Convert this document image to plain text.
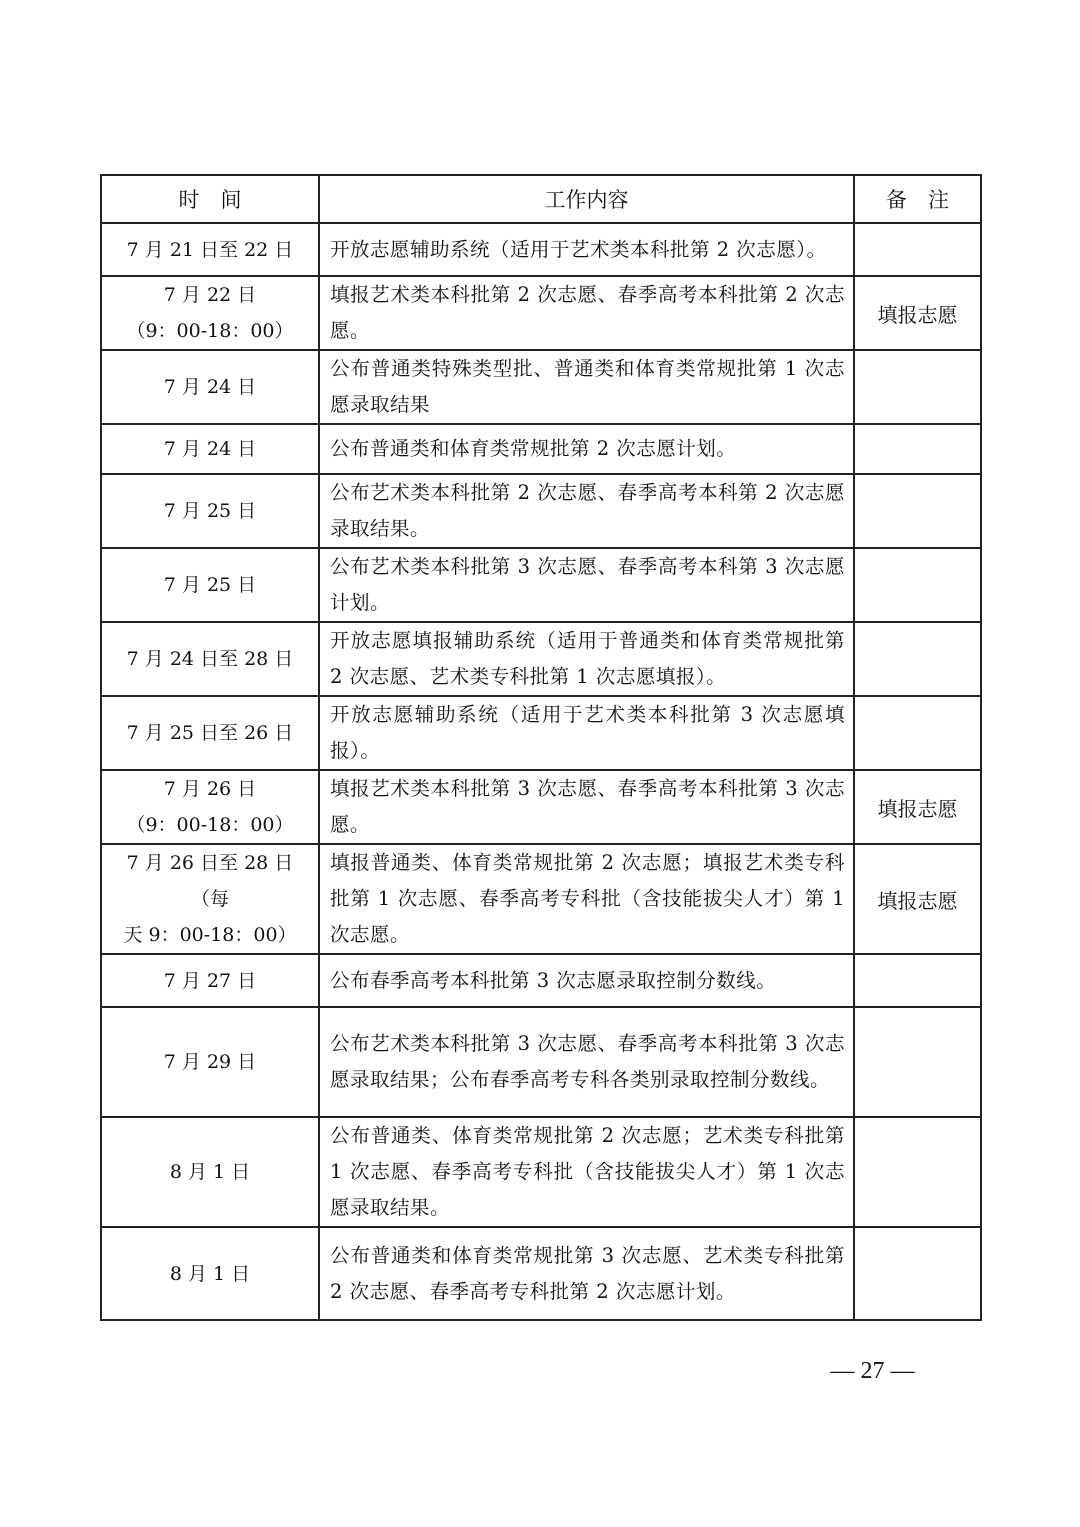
时　间	工作内容	备　注

7 月 21 日至 22 日	开放志愿辅助系统（适用于艺术类本科批第 2 次志愿）。	

7 月 22 日
（9：00-18：00）	填报艺术类本科批第 2 次志愿、春季高考本科批第 2 次志愿。	填报志愿

7 月 24 日	公布普通类特殊类型批、普通类和体育类常规批第 1 次志愿录取结果	

7 月 24 日	公布普通类和体育类常规批第 2 次志愿计划。	

7 月 25 日	公布艺术类本科批第 2 次志愿、春季高考本科第 2 次志愿录取结果。	

7 月 25 日	公布艺术类本科批第 3 次志愿、春季高考本科第 3 次志愿计划。	

7 月 24 日至 28 日	开放志愿填报辅助系统（适用于普通类和体育类常规批第 2 次志愿、艺术类专科批第 1 次志愿填报）。	

7 月 25 日至 26 日	开放志愿辅助系统（适用于艺术类本科批第 3 次志愿填报）。	

7 月 26 日
（9：00-18：00）	填报艺术类本科批第 3 次志愿、春季高考本科批第 3 次志愿。	填报志愿

7 月 26 日至 28 日（每
天 9：00-18：00）	填报普通类、体育类常规批第 2 次志愿；填报艺术类专科批第 1 次志愿、春季高考专科批（含技能拔尖人才）第 1 次志愿。	填报志愿

7 月 27 日	公布春季高考本科批第 3 次志愿录取控制分数线。	

7 月 29 日	公布艺术类本科批第 3 次志愿、春季高考本科批第 3 次志愿录取结果；公布春季高考专科各类别录取控制分数线。	

8 月 1 日	公布普通类、体育类常规批第 2 次志愿；艺术类专科批第 1 次志愿、春季高考专科批（含技能拔尖人才）第 1 次志愿录取结果。	

8 月 1 日	公布普通类和体育类常规批第 3 次志愿、艺术类专科批第 2 次志愿、春季高考专科批第 2 次志愿计划。	
— 27 —
